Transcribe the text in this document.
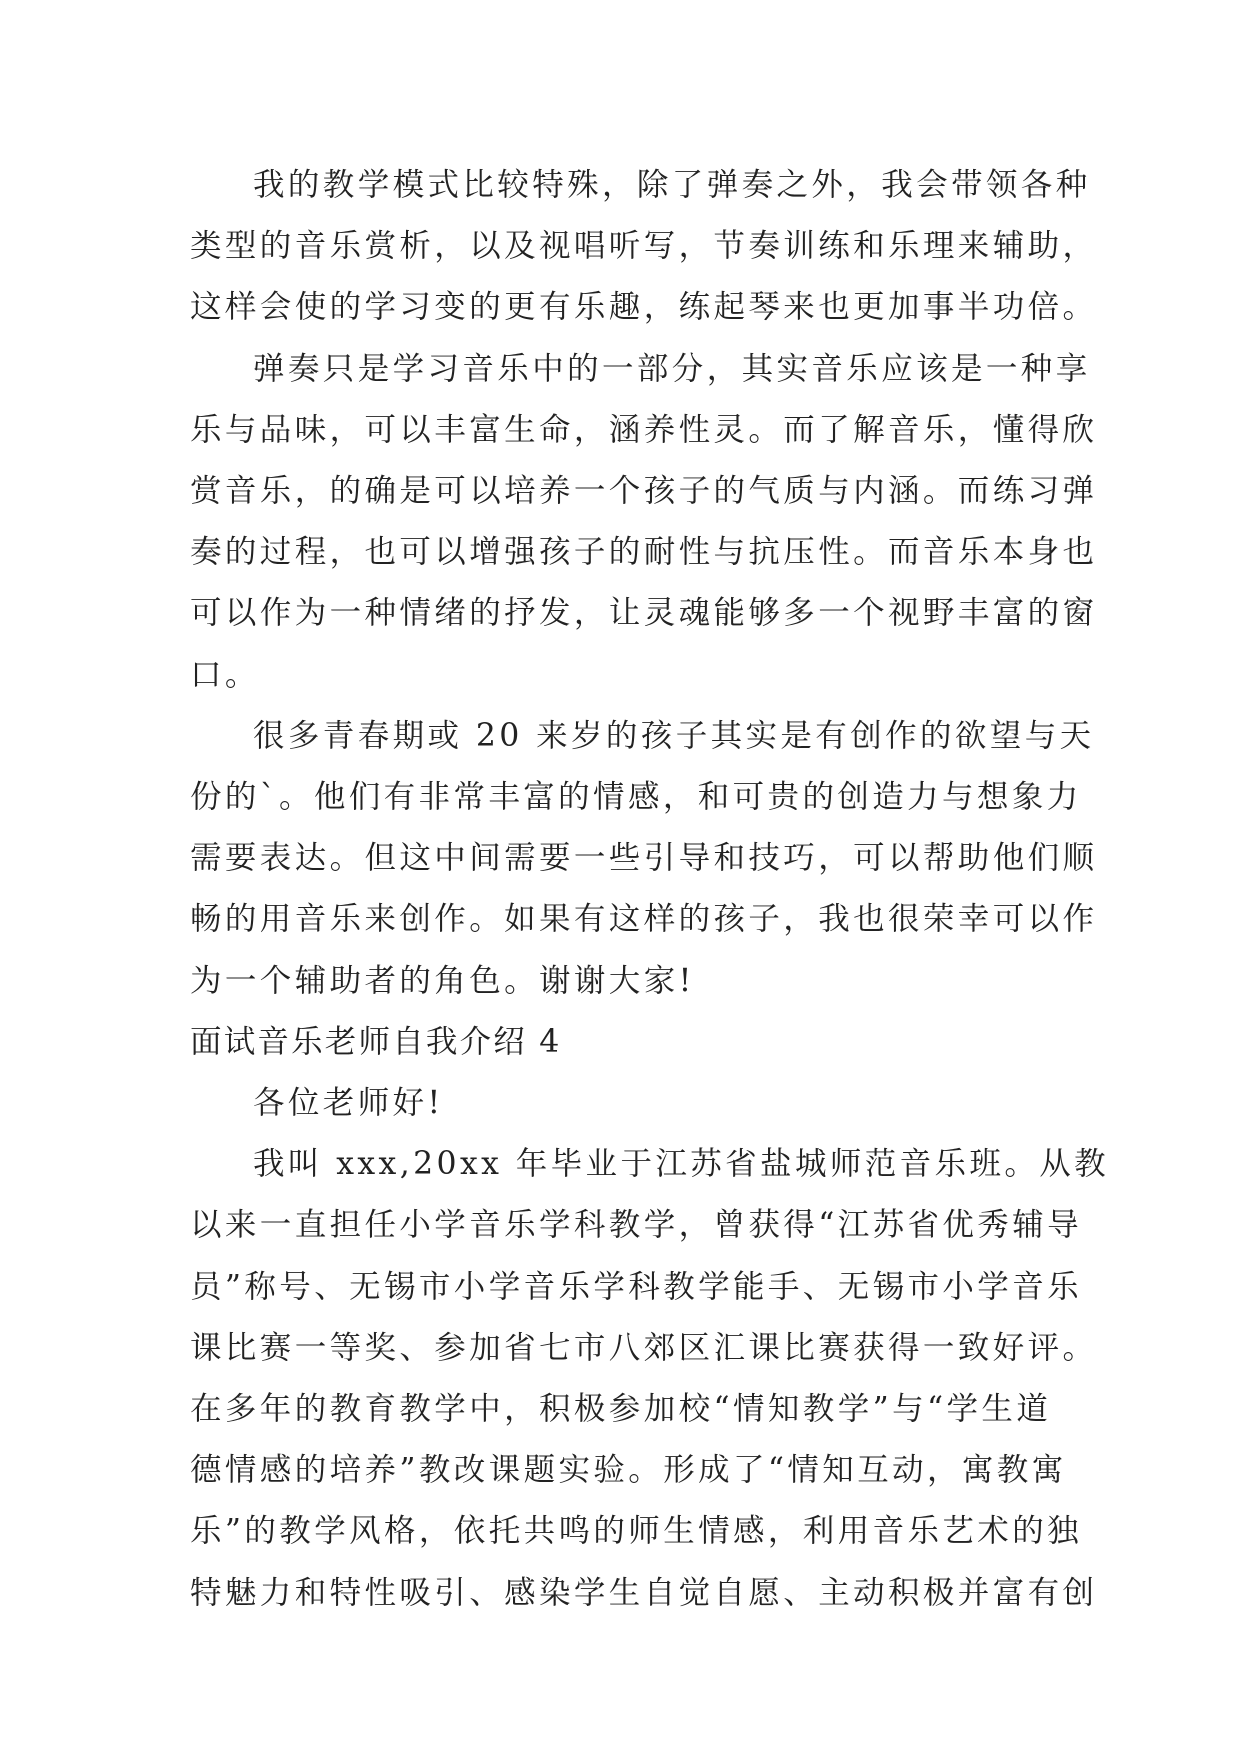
我的教学模式比较特殊，除了弹奏之外，我会带领各种
类型的音乐赏析，以及视唱听写，节奏训练和乐理来辅助，
这样会使的学习变的更有乐趣，练起琴来也更加事半功倍。
弹奏只是学习音乐中的一部分，其实音乐应该是一种享
乐与品味，可以丰富生命，涵养性灵。而了解音乐，懂得欣
赏音乐，的确是可以培养一个孩子的气质与内涵。而练习弹
奏的过程，也可以增强孩子的耐性与抗压性。而音乐本身也
可以作为一种情绪的抒发，让灵魂能够多一个视野丰富的窗
口。
很多青春期或 20 来岁的孩子其实是有创作的欲望与天
份的`。他们有非常丰富的情感，和可贵的创造力与想象力
需要表达。但这中间需要一些引导和技巧，可以帮助他们顺
畅的用音乐来创作。如果有这样的孩子，我也很荣幸可以作
为一个辅助者的角色。谢谢大家!
面试音乐老师自我介绍 4
各位老师好!
我叫 xxx,20xx 年毕业于江苏省盐城师范音乐班。从教
以来一直担任小学音乐学科教学，曾获得“江苏省优秀辅导
员”称号、无锡市小学音乐学科教学能手、无锡市小学音乐
课比赛一等奖、参加省七市八郊区汇课比赛获得一致好评。
在多年的教育教学中，积极参加校“情知教学”与“学生道
德情感的培养”教改课题实验。形成了“情知互动，寓教寓
乐”的教学风格，依托共鸣的师生情感，利用音乐艺术的独
特魅力和特性吸引、感染学生自觉自愿、主动积极并富有创
